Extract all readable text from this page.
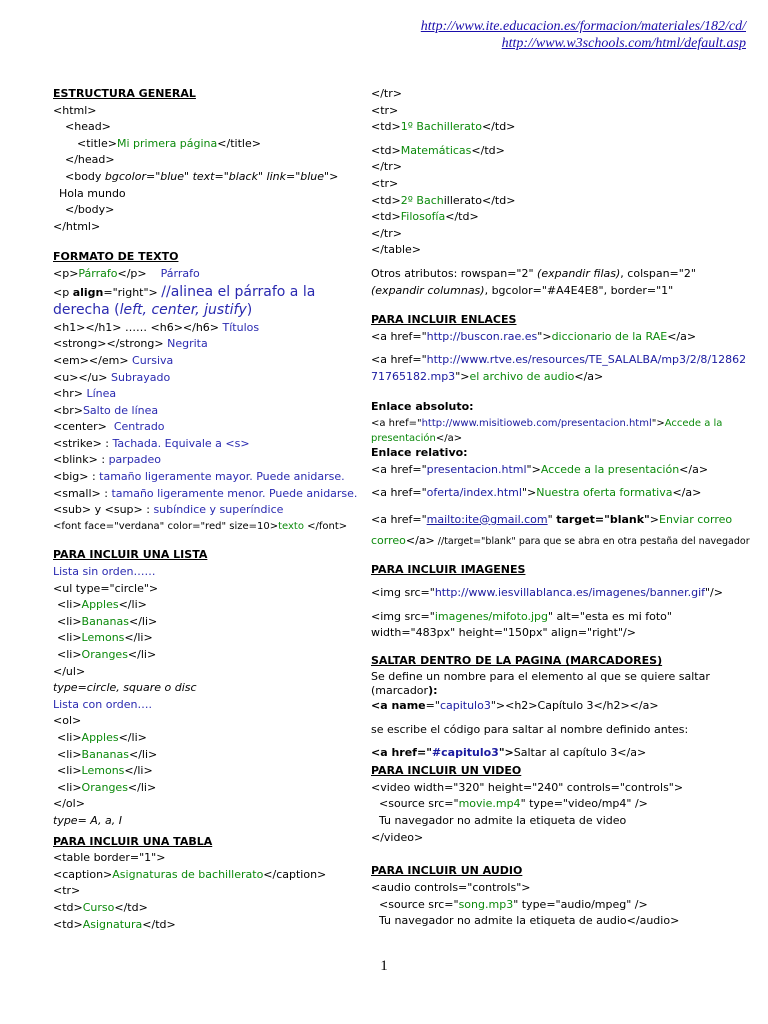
http://www.ite.educacion.es/formacion/materiales/182/cd/
http://www.w3schools.com/html/default.asp
ESTRUCTURA GENERAL
<html>
<head>
<title>Mi primera página</title>
</head>
<body bgcolor="blue" text="black" link="blue">
Hola mundo
</body>
</html>
FORMATO DE TEXTO
<p>Párrafo</p> Párrafo
<p align="right"> //alinea el párrafo a la derecha (left, center, justify)
<h1></h1> …… <h6></h6> Títulos
<strong></strong> Negrita
<em></em> Cursiva
<u></u> Subrayado
<hr> Línea
<br>Salto de línea
<center> Centrado
<strike> : Tachada. Equivale a <s>
<blink> : parpadeo
<big> : tamaño ligeramente mayor. Puede anidarse.
<small> : tamaño ligeramente menor. Puede anidarse.
<sub> y <sup> : subíndice y superíndice
<font face="verdana" color="red" size=10>texto </font>
PARA INCLUIR UNA LISTA
Lista sin orden……
<ul type="circle">
<li>Apples</li>
<li>Bananas</li>
<li>Lemons</li>
<li>Oranges</li>
</ul>
type=circle, square o disc
Lista con orden….
<ol>
<li>Apples</li>
<li>Bananas</li>
<li>Lemons</li>
<li>Oranges</li>
</ol>
type= A, a, I
PARA INCLUIR UNA TABLA
<table border="1">
<caption>Asignaturas de bachillerato</caption>
<tr>
<td>Curso</td>
<td>Asignatura</td>
</tr>
<tr>
<td>1º Bachillerato</td>
<td>Matemáticas</td>
</tr>
<tr>
<td>2º Bachillerato</td>
<td>Filosofía</td>
</tr>
</table>
Otros atributos: rowspan="2" (expandir filas), colspan="2" (expandir columnas), bgcolor="#A4E4E8", border="1"
PARA INCLUIR ENLACES
<a href="http://buscon.rae.es">diccionario de la RAE</a>
<a href="http://www.rtve.es/resources/TE_SALALBA/mp3/2/8/1286271765182.mp3">el archivo de audio</a>
Enlace absoluto:
<a href="http://www.misitioweb.com/presentacion.html">Accede a la presentación</a>
Enlace relativo:
<a href="presentacion.html">Accede a la presentación</a>
<a href="oferta/index.html">Nuestra oferta formativa</a>
<a href="mailto:ite@gmail.com" target="blank">Enviar correo correo</a> //target="blank" para que se abra en otra pestaña del navegador
PARA INCLUIR IMAGENES
<img src="http://www.iesvillablanca.es/imagenes/banner.gif"/>
<img src="imagenes/mifoto.jpg" alt="esta es mi foto" width="483px" height="150px" align="right"/>
SALTAR DENTRO DE LA PAGINA (MARCADORES)
Se define un nombre para el elemento al que se quiere saltar (marcador):
<a name="capitulo3"><h2>Capítulo 3</h2></a>
se escribe el código para saltar al nombre definido antes:
<a href="#capitulo3">Saltar al capítulo 3</a>
PARA INCLUIR UN VIDEO
<video width="320" height="240" controls="controls">
<source src="movie.mp4" type="video/mp4" />
Tu navegador no admite la etiqueta de video
</video>
PARA INCLUIR UN AUDIO
<audio controls="controls">
<source src="song.mp3" type="audio/mpeg" />
Tu navegador no admite la etiqueta de audio</audio>
1
